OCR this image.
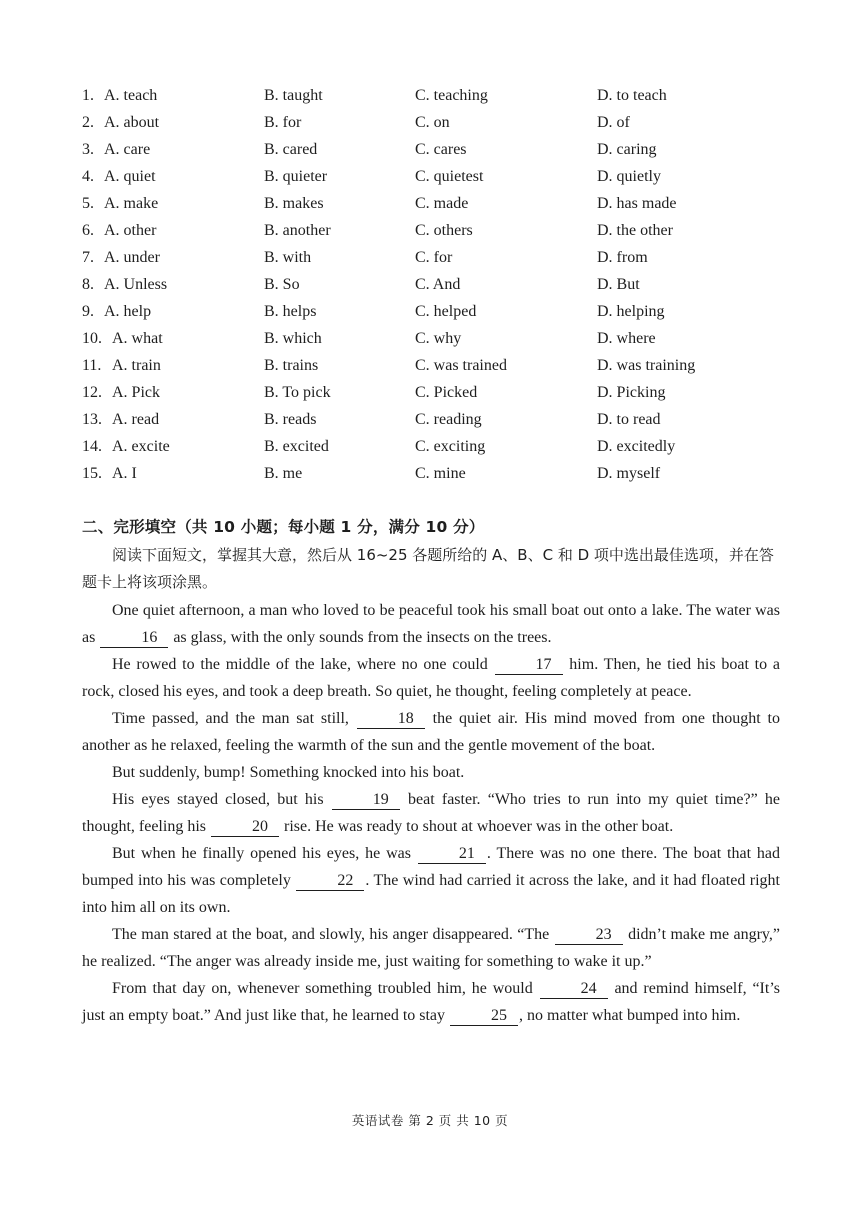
1. A. teach	B. taught	C. teaching	D. to teach
2. A. about	B. for	C. on	D. of
3. A. care	B. cared	C. cares	D. caring
4. A. quiet	B. quieter	C. quietest	D. quietly
5. A. make	B. makes	C. made	D. has made
6. A. other	B. another	C. others	D. the other
7. A. under	B. with	C. for	D. from
8. A. Unless	B. So	C. And	D. But
9. A. help	B. helps	C. helped	D. helping
10. A. what	B. which	C. why	D. where
11. A. train	B. trains	C. was trained	D. was training
12. A. Pick	B. To pick	C. Picked	D. Picking
13. A. read	B. reads	C. reading	D. to read
14. A. excite	B. excited	C. exciting	D. excitedly
15. A. I	B. me	C. mine	D. myself
二、完形填空（共 10 小题；每小题 1 分，满分 10 分）
阅读下面短文，掌握其大意，然后从 16~25 各题所给的 A、B、C 和 D 项中选出最佳选项，并在答题卡上将该项涂黑。

One quiet afternoon, a man who loved to be peaceful took his small boat out onto a lake. The water was as	16 as glass, with the only sounds from the insects on the trees.

He rowed to the middle of the lake, where no one could	17 him. Then, he tied his boat to a rock, closed his eyes, and took a deep breath. So quiet, he thought, feeling completely at peace.

Time passed, and the man sat still,	18 the quiet air. His mind moved from one thought to another as he relaxed, feeling the warmth of the sun and the gentle movement of the boat.

But suddenly, bump! Something knocked into his boat.

His eyes stayed closed, but his	19 beat faster. “Who tries to run into my quiet time?” he thought, feeling his	20 rise. He was ready to shout at whoever was in the other boat.

But when he finally opened his eyes, he was	21 . There was no one there. The boat that had bumped into his was completely	22 . The wind had carried it across the lake, and it had floated right into him all on its own.

The man stared at the boat, and slowly, his anger disappeared. “The	23 didn’t make me angry,” he realized. “The anger was already inside me, just waiting for something to wake it up.”

From that day on, whenever something troubled him, he would	24 and remind himself, “It’s just an empty boat.” And just like that, he learned to stay	25 , no matter what bumped into him.

英语试卷 第 2 页 共 10 页
